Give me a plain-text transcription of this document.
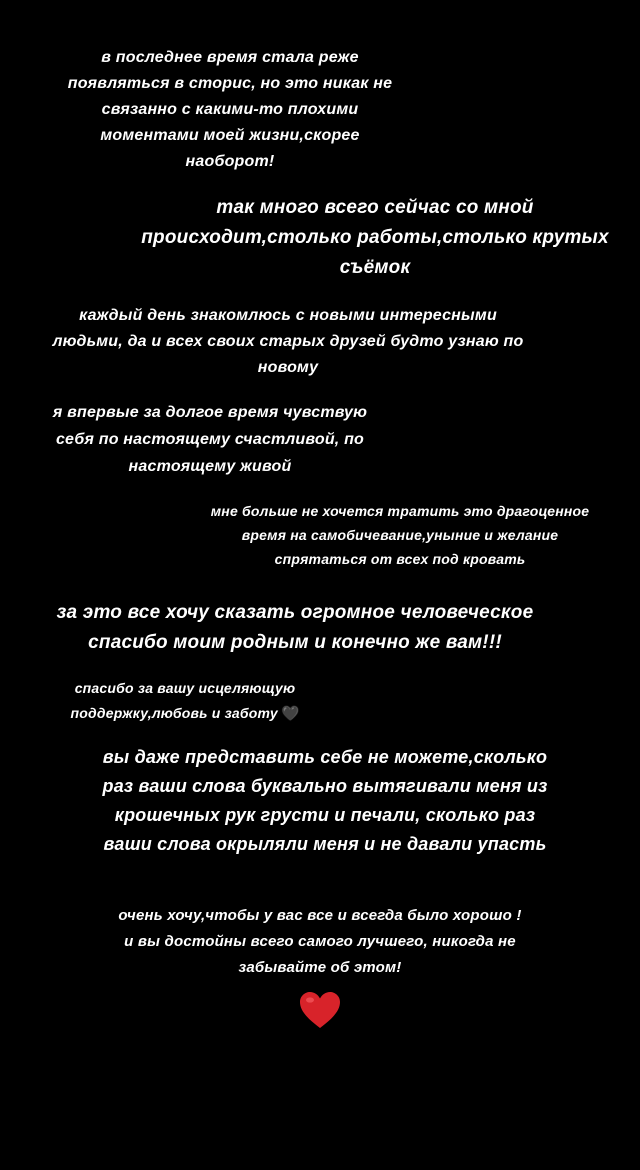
в последнее время стала реже
появляться в сторис, но это никак не
связанно с какими-то плохими
моментами моей жизни,скорее
наоборот!
так много всего сейчас со мной
происходит,столько работы,столько крутых
съёмок
каждый день знакомлюсь с новыми интересными
людьми, да и всех своих старых друзей будто узнаю по
новому
я впервые за долгое время чувствую
себя по настоящему счастливой, по
настоящему живой
мне больше не хочется тратить это драгоценное
время на самобичевание,уныние и желание
спрятаться от всех под кровать
за это все хочу сказать огромное человеческое
спасибо моим родным и конечно же вам!!!
спасибо за вашу исцеляющую
поддержку,любовь и заботу 🖤
вы даже представить себе не можете,сколько
раз ваши слова буквально вытягивали меня из
крошечных рук грусти и печали, сколько раз
ваши слова окрыляли меня и не давали упасть
очень хочу,чтобы у вас все и всегда было хорошо !
и вы достойны всего самого лучшего, никогда не
забывайте об этом!
